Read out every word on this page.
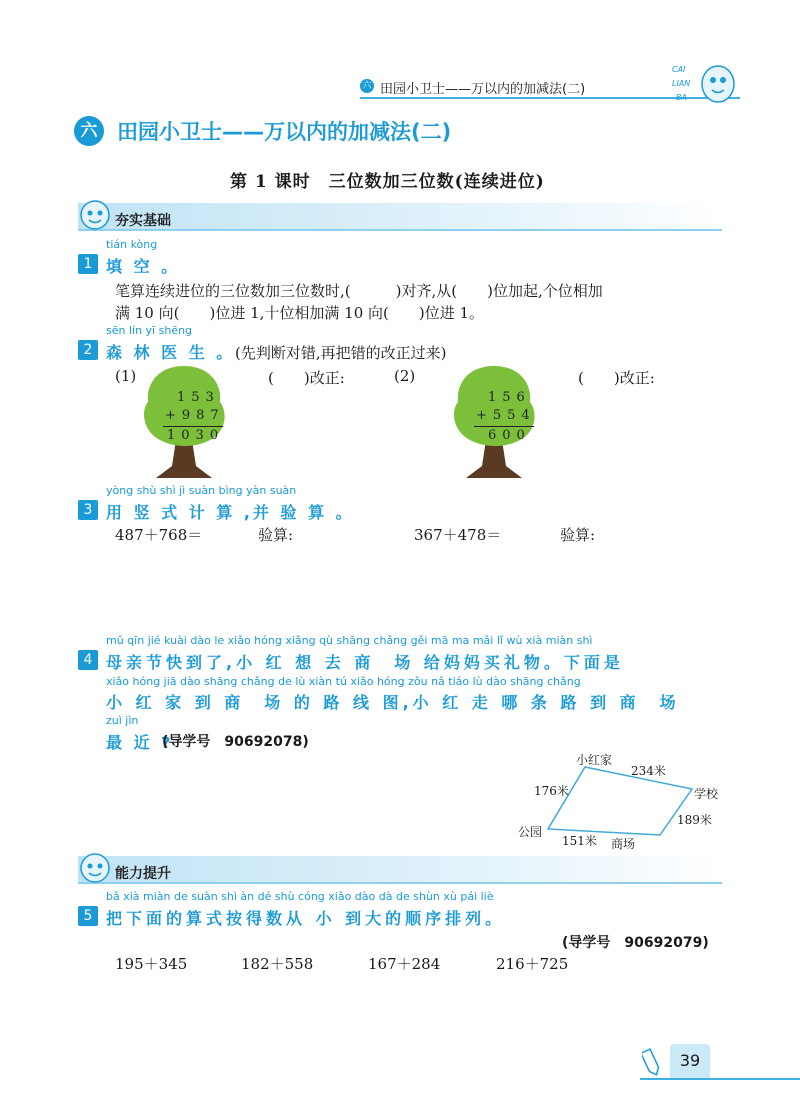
六 田园小卫士——万以内的加减法(二)
CAI
LIAN
BA
六 田园小卫士——万以内的加减法(二)
第 1 课时　三位数加三位数(连续进位)
夯实基础
tián kòng
1 填 空 。
笔算连续进位的三位数加三位数时,(　　　)对齐,从(　　)位加起,个位相加
满 10 向(　　)位进 1,十位相加满 10 向(　　)位进 1。
sēn lín yī shēng
2 森 林 医 生 。 (先判断对错,再把错的改正过来)
(1)
153
+987
1030
(　　)改正:	(2)
156
+554
600
(　　)改正:
yòng shù shì jì suàn bìng yàn suàn
3 用 竖 式 计 算 ,并 验 算 。
487＋768＝	验算:	367＋478＝	验算:
mǔ qīn jié kuài dào le xiǎo hóng xiǎng qù shāng chǎng gěi mā ma mǎi lǐ wù xià miàn shì
4 母亲节快到了,小 红 想 去 商　场 给妈妈买礼物。下面是
xiǎo hóng jiā dào shāng chǎng de lù xiàn tú xiǎo hóng zǒu nǎ tiáo lù dào shāng chǎng
小 红 家 到 商　场 的 路 线 图,小 红 走 哪 条 路 到 商　场
zuì jìn
最 近 ?
(导学号　90692078)
小红家
学校
公园
商场
234米
176米
189米
151米
能力提升
bǎ xià miàn de suàn shì àn dé shù cóng xiǎo dào dà de shùn xù pái liè
5 把下面的算式按得数从 小 到大的顺序排列。
(导学号　90692079)
195＋345	182＋558	167＋284	216＋725
39
